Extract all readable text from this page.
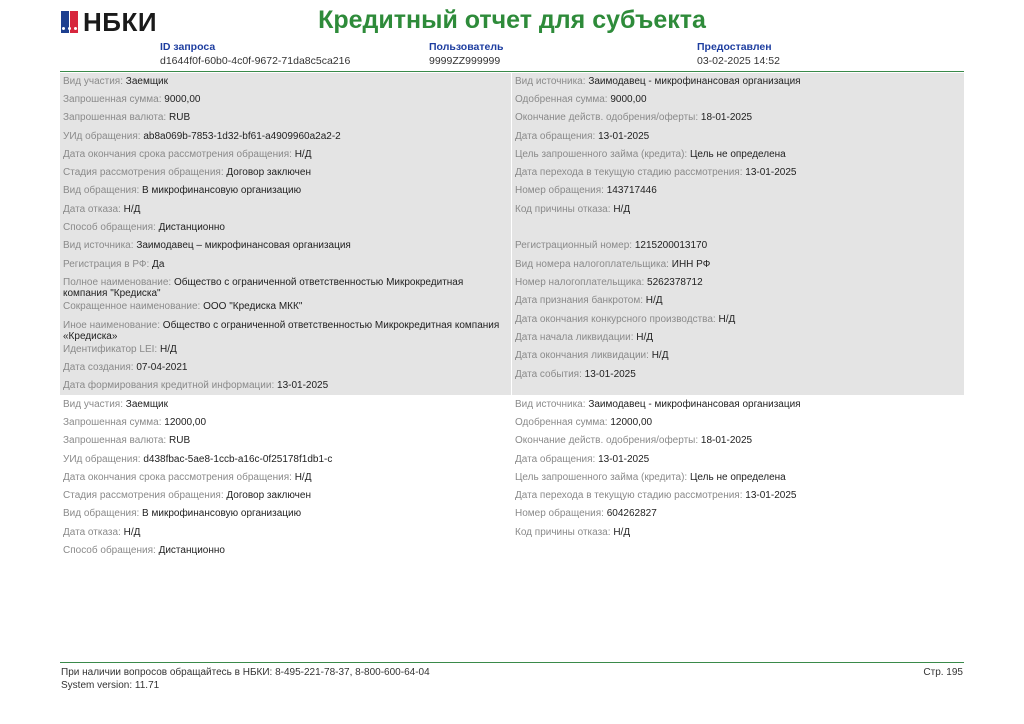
НБКИ	Кредитный отчет для субъекта
ID запроса
d1644f0f-60b0-4c0f-9672-71da8c5ca216
Пользователь
9999ZZ999999
Предоставлен
03-02-2025 14:52
Вид участия: Заемщик
Запрошенная сумма: 9000,00
Запрошенная валюта: RUB
УИд обращения: ab8a069b-7853-1d32-bf61-a4909960a2a2-2
Дата окончания срока рассмотрения обращения: Н/Д
Стадия рассмотрения обращения: Договор заключен
Вид обращения: В микрофинансовую организацию
Дата отказа: Н/Д
Способ обращения: Дистанционно
Вид источника: Заимодавец – микрофинансовая организация
Регистрация в РФ: Да
Полное наименование: Общество с ограниченной ответственностью Микрокредитная компания "Кредиска"
Сокращенное наименование: ООО "Кредиска МКК"
Иное наименование: Общество с ограниченной ответственностью Микрокредитная компания «Кредиска»
Идентификатор LEI: Н/Д
Дата создания: 07-04-2021
Дата формирования кредитной информации: 13-01-2025
Вид источника: Заимодавец - микрофинансовая организация
Одобренная сумма: 9000,00
Окончание действ. одобрения/оферты: 18-01-2025
Дата обращения: 13-01-2025
Цель запрошенного займа (кредита): Цель не определена
Дата перехода в текущую стадию рассмотрения: 13-01-2025
Номер обращения: 143717446
Код причины отказа: Н/Д
Регистрационный номер: 1215200013170
Вид номера налогоплательщика: ИНН РФ
Номер налогоплательщика: 5262378712
Дата признания банкротом: Н/Д
Дата окончания конкурсного производства: Н/Д
Дата начала ликвидации: Н/Д
Дата окончания ликвидации: Н/Д
Дата события: 13-01-2025
Вид участия: Заемщик
Запрошенная сумма: 12000,00
Запрошенная валюта: RUB
УИд обращения: d438fbac-5ae8-1ccb-a16c-0f25178f1db1-c
Дата окончания срока рассмотрения обращения: Н/Д
Стадия рассмотрения обращения: Договор заключен
Вид обращения: В микрофинансовую организацию
Дата отказа: Н/Д
Способ обращения: Дистанционно
Вид источника: Заимодавец - микрофинансовая организация
Одобренная сумма: 12000,00
Окончание действ. одобрения/оферты: 18-01-2025
Дата обращения: 13-01-2025
Цель запрошенного займа (кредита): Цель не определена
Дата перехода в текущую стадию рассмотрения: 13-01-2025
Номер обращения: 604262827
Код причины отказа: Н/Д
При наличии вопросов обращайтесь в НБКИ: 8-495-221-78-37, 8-800-600-64-04
System version: 11.71
Стр. 195
